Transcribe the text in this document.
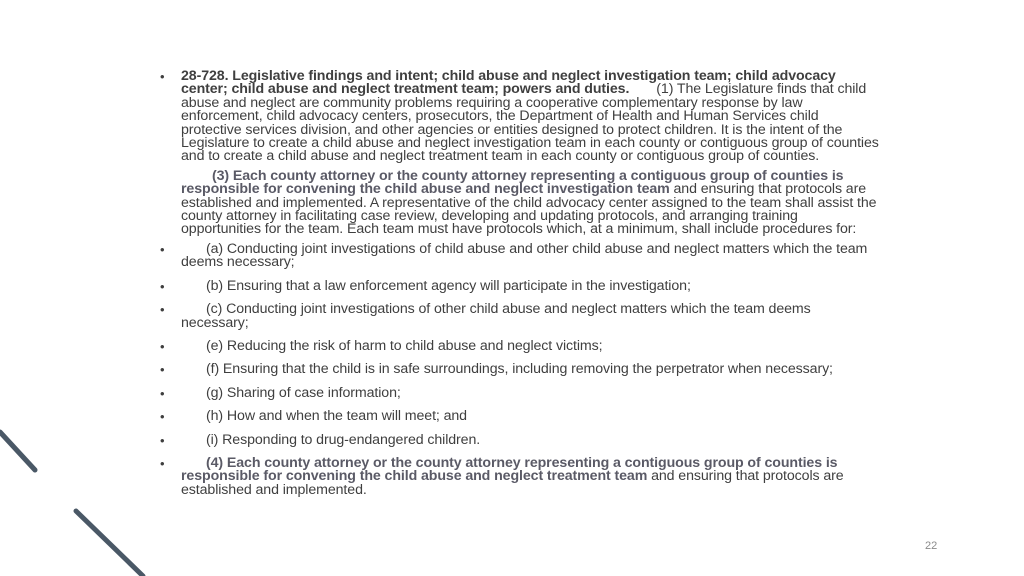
• 28-728. Legislative findings and intent; child abuse and neglect investigation team; child advocacy center; child abuse and neglect treatment team; powers and duties. (1) The Legislature finds that child abuse and neglect are community problems requiring a cooperative complementary response by law enforcement, child advocacy centers, prosecutors, the Department of Health and Human Services child protective services division, and other agencies or entities designed to protect children. It is the intent of the Legislature to create a child abuse and neglect investigation team in each county or contiguous group of counties and to create a child abuse and neglect treatment team in each county or contiguous group of counties.

(3) Each county attorney or the county attorney representing a contiguous group of counties is responsible for convening the child abuse and neglect investigation team and ensuring that protocols are established and implemented. A representative of the child advocacy center assigned to the team shall assist the county attorney in facilitating case review, developing and updating protocols, and arranging training opportunities for the team. Each team must have protocols which, at a minimum, shall include procedures for:

• (a) Conducting joint investigations of child abuse and other child abuse and neglect matters which the team deems necessary;

• (b) Ensuring that a law enforcement agency will participate in the investigation;

• (c) Conducting joint investigations of other child abuse and neglect matters which the team deems necessary;

• (e) Reducing the risk of harm to child abuse and neglect victims;

• (f) Ensuring that the child is in safe surroundings, including removing the perpetrator when necessary;

• (g) Sharing of case information;

• (h) How and when the team will meet; and

• (i) Responding to drug-endangered children.

• (4) Each county attorney or the county attorney representing a contiguous group of counties is responsible for convening the child abuse and neglect treatment team and ensuring that protocols are established and implemented.

22
